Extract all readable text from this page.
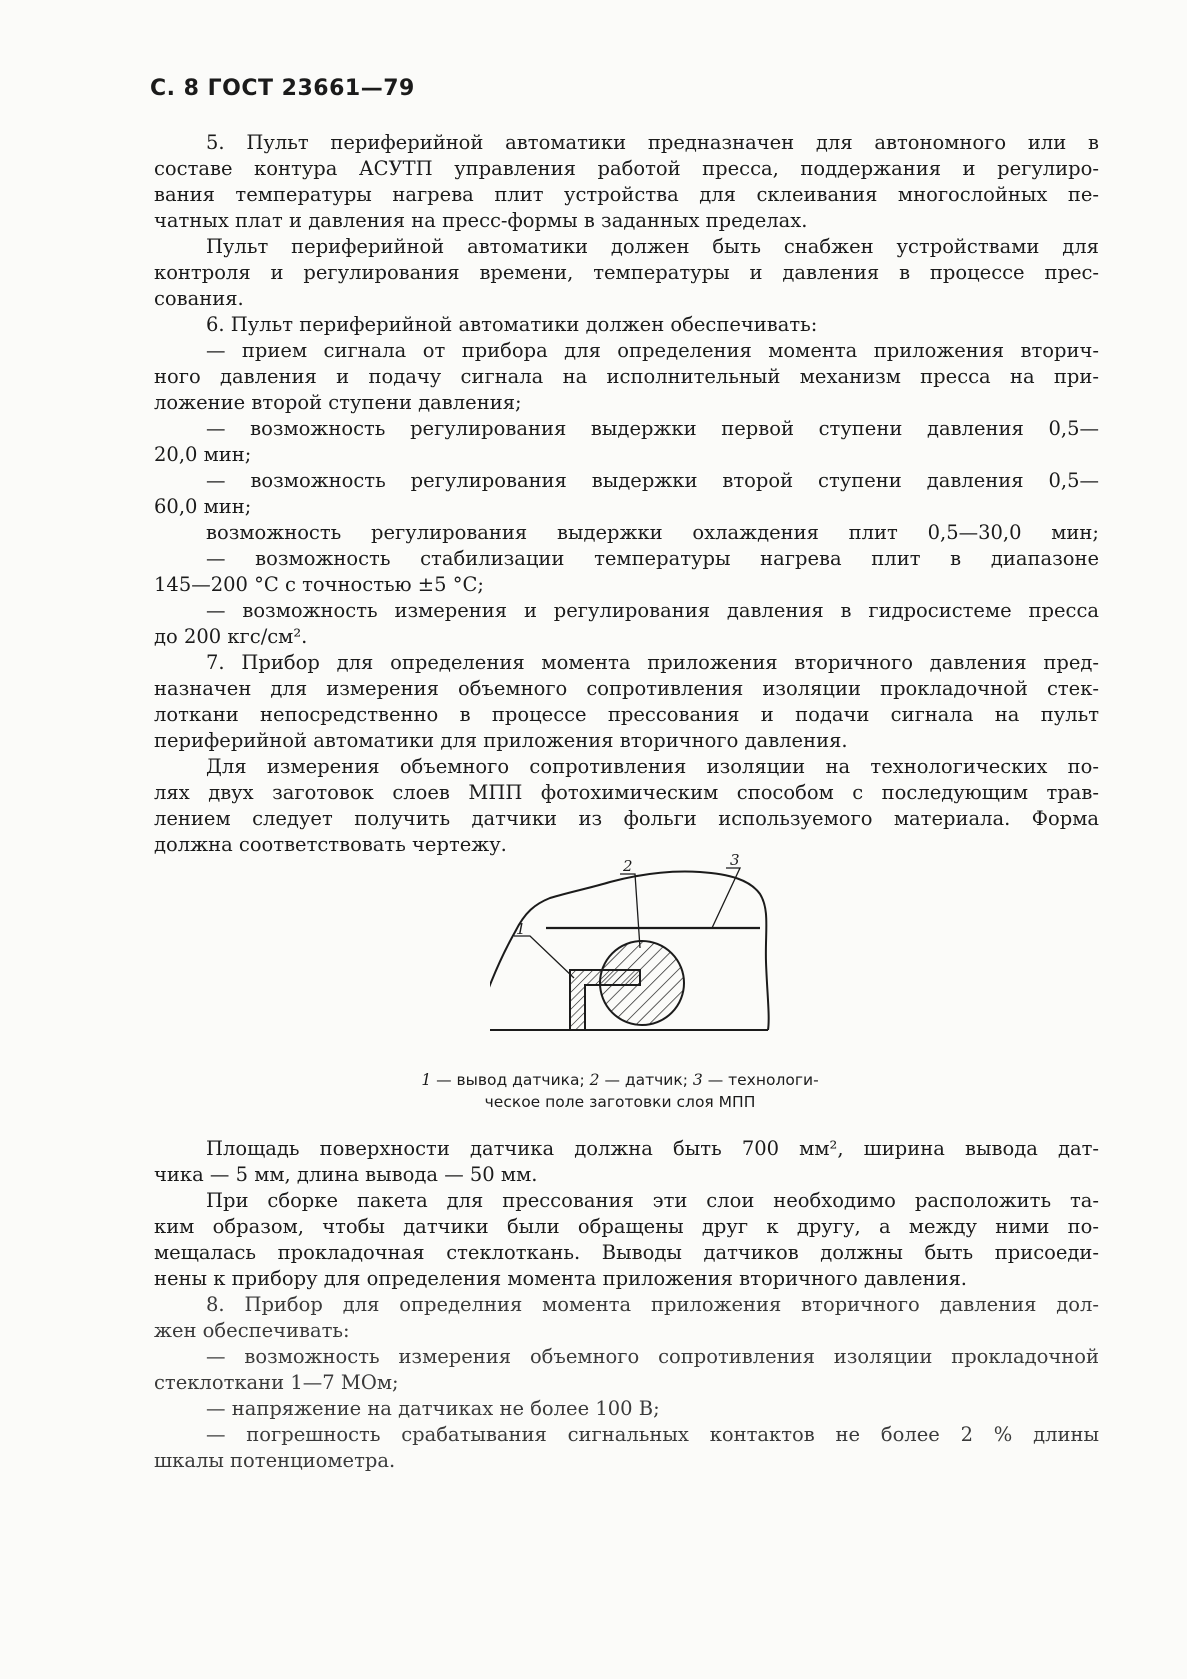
С. 8 ГОСТ 23661—79
5. Пульт периферийной автоматики предназначен для автономного или в
составе контура АСУТП управления работой пресса, поддержания и регулиро-
вания температуры нагрева плит устройства для склеивания многослойных пе-
чатных плат и давления на пресс-формы в заданных пределах.
Пульт периферийной автоматики должен быть снабжен устройствами для
контроля и регулирования времени, температуры и давления в процессе прес-
сования.
6. Пульт периферийной автоматики должен обеспечивать:
— прием сигнала от прибора для определения момента приложения вторич-
ного давления и подачу сигнала на исполнительный механизм пресса на при-
ложение второй ступени давления;
— возможность регулирования выдержки первой ступени давления 0,5—
20,0 мин;
— возможность регулирования выдержки второй ступени давления 0,5—
60,0 мин;
возможность регулирования выдержки охлаждения плит 0,5—30,0 мин;
— возможность стабилизации температуры нагрева плит в диапазоне
145—200 °С с точностью ±5 °С;
— возможность измерения и регулирования давления в гидросистеме пресса
до 200 кгс/см².
7. Прибор для определения момента приложения вторичного давления пред-
назначен для измерения объемного сопротивления изоляции прокладочной стек-
лоткани непосредственно в процессе прессования и подачи сигнала на пульт
периферийной автоматики для приложения вторичного давления.
Для измерения объемного сопротивления изоляции на технологических по-
лях двух заготовок слоев МПП фотохимическим способом с последующим трав-
лением следует получить датчики из фольги используемого материала. Форма
должна соответствовать чертежу.
1
2	3
1 — вывод датчика; 2 — датчик; 3 — технологи-
ческое поле заготовки слоя МПП
Площадь поверхности датчика должна быть 700 мм², ширина вывода дат-
чика — 5 мм, длина вывода — 50 мм.
При сборке пакета для прессования эти слои необходимо расположить та-
ким образом, чтобы датчики были обращены друг к другу, а между ними по-
мещалась прокладочная стеклоткань. Выводы датчиков должны быть присоеди-
нены к прибору для определения момента приложения вторичного давления.
8. Прибор для определния момента приложения вторичного давления дол-
жен обеспечивать:
— возможность измерения объемного сопротивления изоляции прокладочной
стеклоткани 1—7 МОм;
— напряжение на датчиках не более 100 В;
— погрешность срабатывания сигнальных контактов не более 2 % длины
шкалы потенциометра.
